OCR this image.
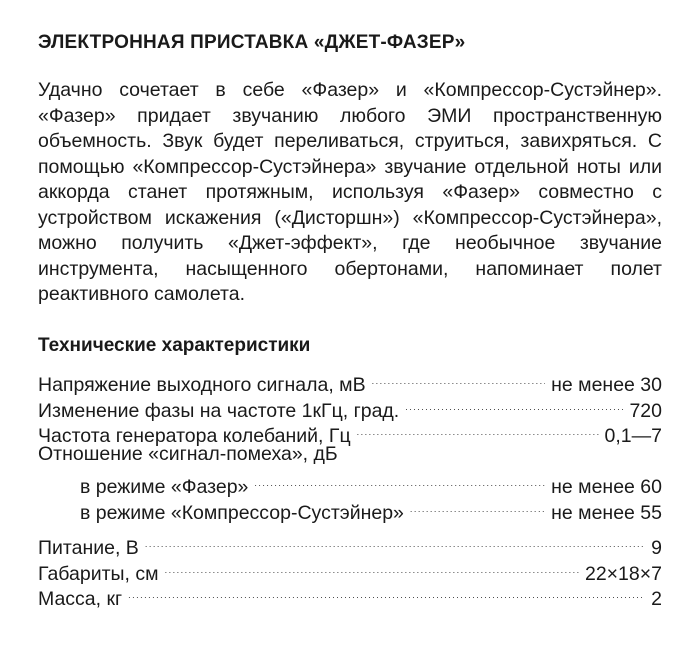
ЭЛЕКТРОННАЯ ПРИСТАВКА «ДЖЕТ-ФАЗЕР»

Удачно сочетает в себе «Фазер» и «Компрессор-Сустэйнер». «Фазер» придает звучанию любого ЭМИ пространственную объемность. Звук будет переливаться, струиться, завихряться. С помощью «Компрессор-Сустэйнера» звучание отдельной ноты или аккорда станет протяжным, используя «Фазер» совместно с устройством искажения («Дисторшн») «Компрессор-Сустэйнера», можно получить «Джет-эффект», где необычное звучание инструмента, насыщенного обертонами, напоминает полет реактивного самолета.

Технические характеристики
Напряжение выходного сигнала, мВ . . .	не менее 30
Изменение фазы на частоте 1кГц, град. . . .	720
Частота генератора колебаний, Гц . . .	0,1—7
Отношение «сигнал-помеха», дБ
в режиме «Фазер» . . .	не менее 60
в режиме «Компрессор-Сустэйнер» . . .	не менее 55
Питание, В . . .	9
Габариты, см . . .	22×18×7
Масса, кг . . .	2
